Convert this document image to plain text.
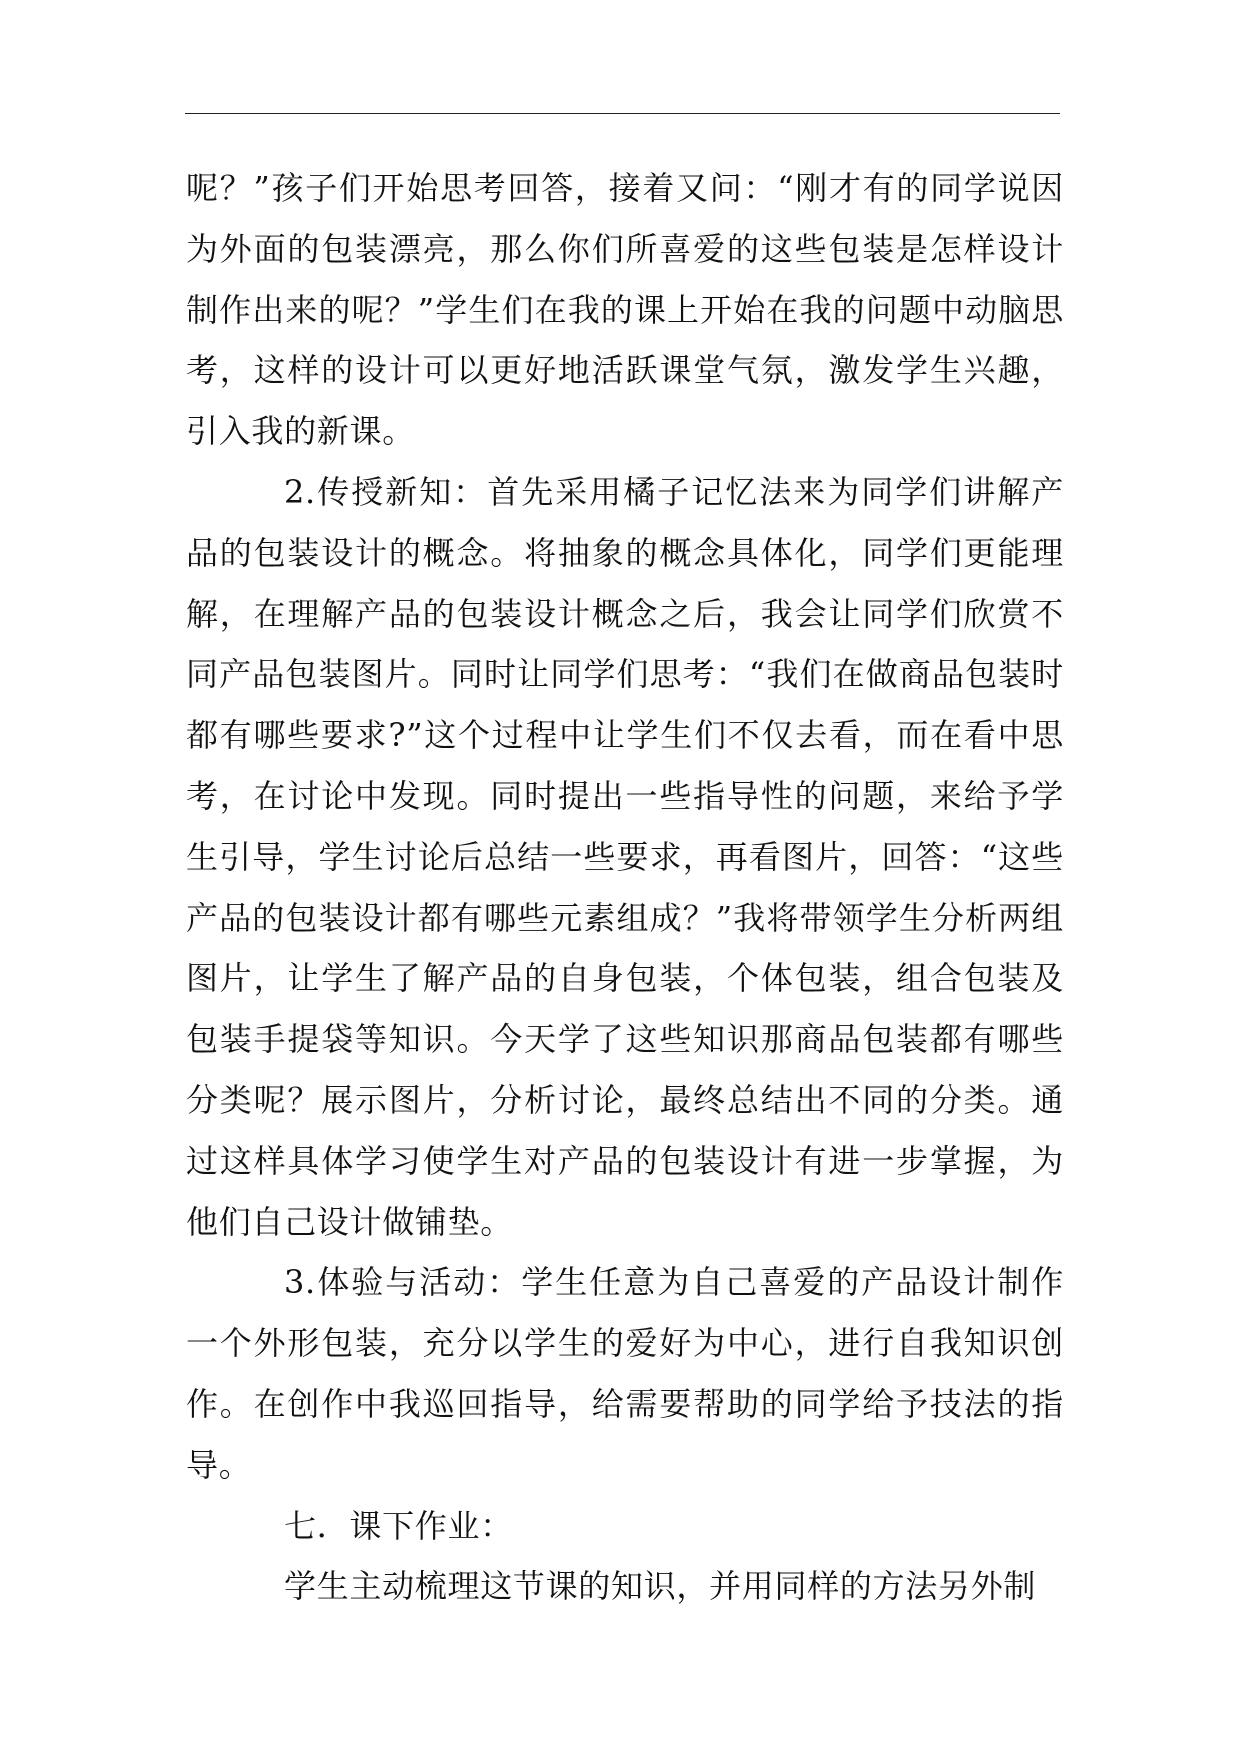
呢？”孩子们开始思考回答，接着又问：“刚才有的同学说因为外面的包装漂亮，那么你们所喜爱的这些包装是怎样设计制作出来的呢？”学生们在我的课上开始在我的问题中动脑思考，这样的设计可以更好地活跃课堂气氛，激发学生兴趣，引入我的新课。

2.传授新知：首先采用橘子记忆法来为同学们讲解产品的包装设计的概念。将抽象的概念具体化，同学们更能理解，在理解产品的包装设计概念之后，我会让同学们欣赏不同产品包装图片。同时让同学们思考：“我们在做商品包装时都有哪些要求?”这个过程中让学生们不仅去看，而在看中思考，在讨论中发现。同时提出一些指导性的问题，来给予学生引导，学生讨论后总结一些要求，再看图片，回答：“这些产品的包装设计都有哪些元素组成？”我将带领学生分析两组图片，让学生了解产品的自身包装，个体包装，组合包装及包装手提袋等知识。今天学了这些知识那商品包装都有哪些分类呢？展示图片，分析讨论，最终总结出不同的分类。通过这样具体学习使学生对产品的包装设计有进一步掌握，为他们自己设计做铺垫。

3.体验与活动：学生任意为自己喜爱的产品设计制作一个外形包装，充分以学生的爱好为中心，进行自我知识创作。在创作中我巡回指导，给需要帮助的同学给予技法的指导。

七．课下作业：

学生主动梳理这节课的知识，并用同样的方法另外制
